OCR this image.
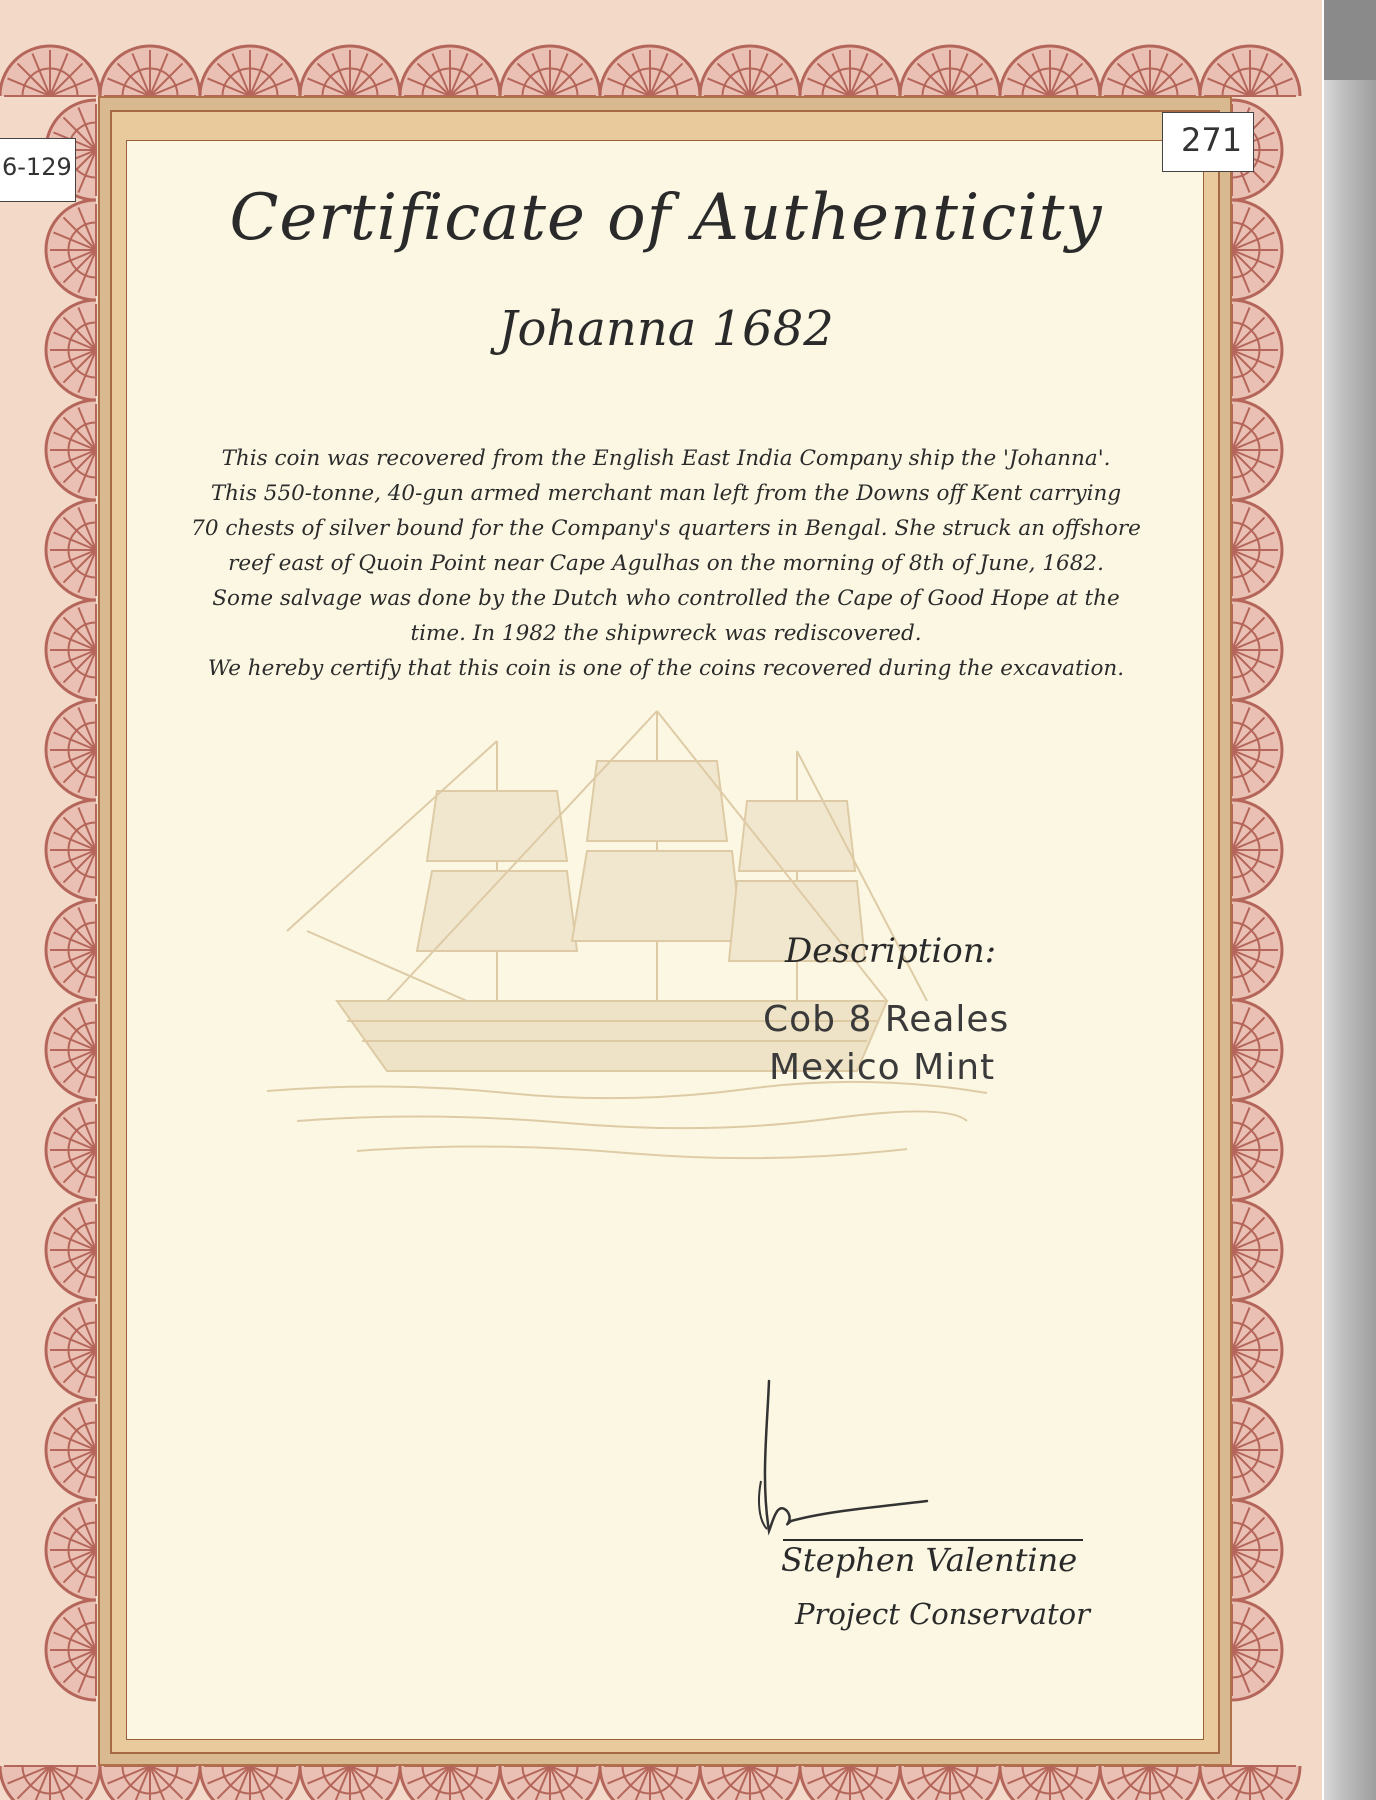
Certificate of Authenticity
Johanna 1682

This coin was recovered from the English East India Company ship the 'Johanna'.

This 550-tonne, 40-gun armed merchant man left from the Downs off Kent carrying

70 chests of silver bound for the Company's quarters in Bengal. She struck an offshore

reef east of Quoin Point near Cape Agulhas on the morning of 8th of June, 1682.

Some salvage was done by the Dutch who controlled the Cape of Good Hope at the

time. In 1982 the shipwreck was rediscovered.

We hereby certify that this coin is one of the coins recovered during the excavation.

Description:
Cob 8 Reales
Mexico Mint
Stephen Valentine
Project Conservator
6-129
271
